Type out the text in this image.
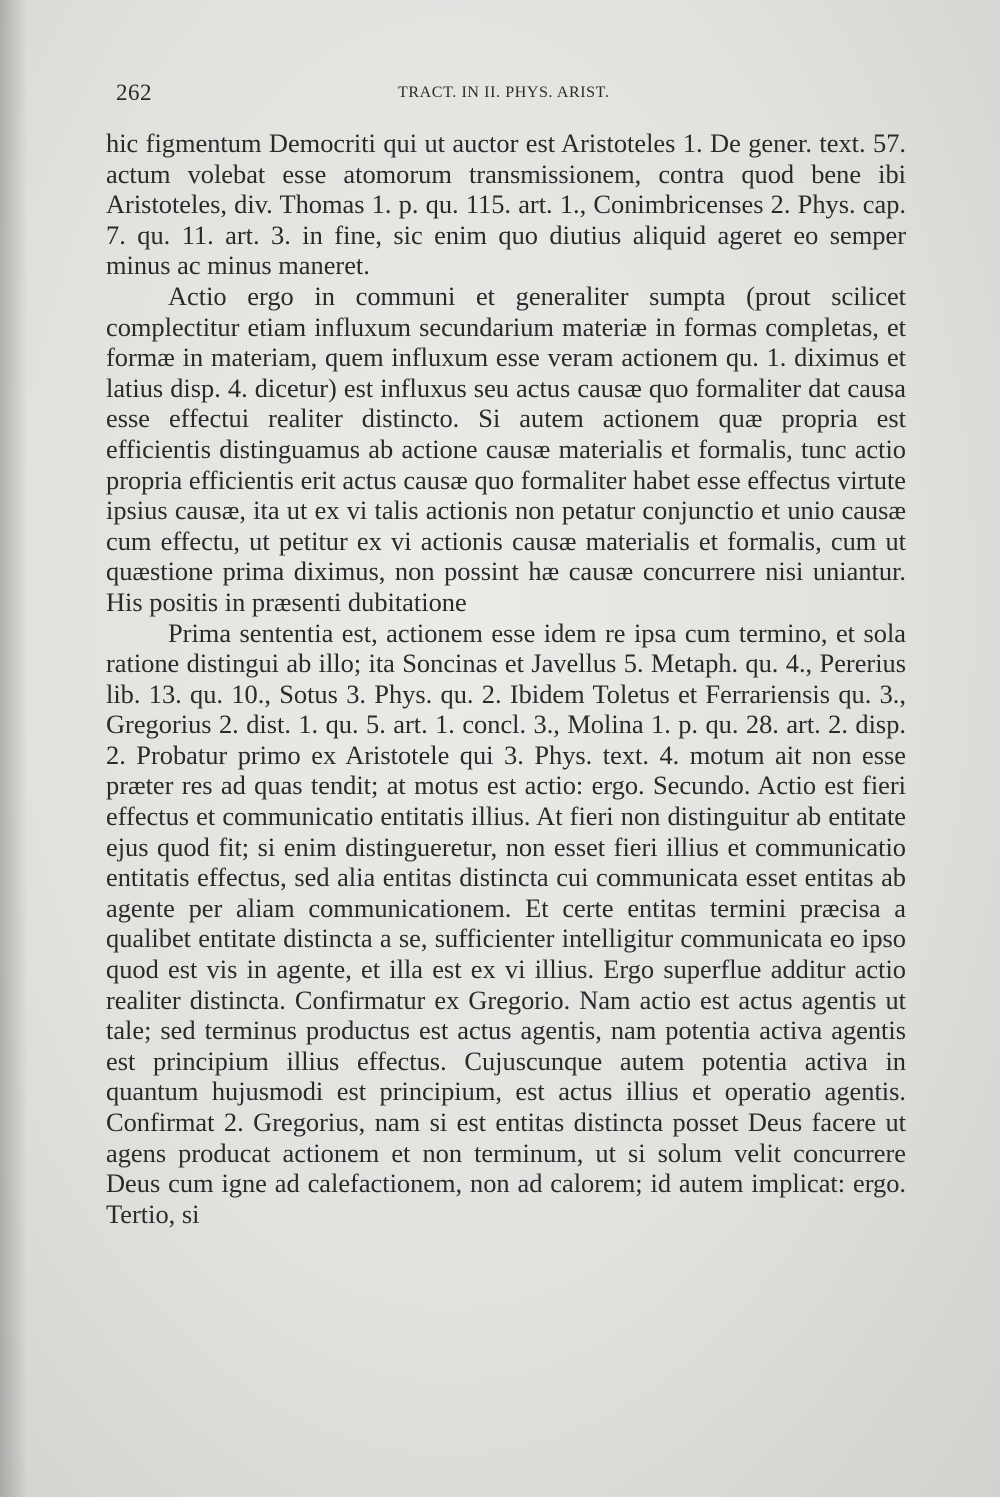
262	TRACT. IN II. PHYS. ARIST.

hic figmentum Democriti qui ut auctor est Aristoteles 1. De gener. text. 57. actum volebat esse atomorum transmissionem, contra quod bene ibi Aristoteles, div. Thomas 1. p. qu. 115. art. 1., Conimbricenses 2. Phys. cap. 7. qu. 11. art. 3. in fine, sic enim quo diutius aliquid ageret eo semper minus ac minus maneret.

Actio ergo in communi et generaliter sumpta (prout scilicet complectitur etiam influxum secundarium materiæ in formas completas, et formæ in materiam, quem influxum esse veram actionem qu. 1. diximus et latius disp. 4. dicetur) est influxus seu actus causæ quo formaliter dat causa esse effectui realiter distincto. Si autem actionem quæ propria est efficientis distinguamus ab actione causæ materialis et formalis, tunc actio propria efficientis erit actus causæ quo formaliter habet esse effectus virtute ipsius causæ, ita ut ex vi talis actionis non petatur conjunctio et unio causæ cum effectu, ut petitur ex vi actionis causæ materialis et formalis, cum ut quæstione prima diximus, non possint hæ causæ concurrere nisi uniantur. His positis in præsenti dubitatione

Prima sententia est, actionem esse idem re ipsa cum termino, et sola ratione distingui ab illo; ita Soncinas et Javellus 5. Metaph. qu. 4., Pererius lib. 13. qu. 10., Sotus 3. Phys. qu. 2. Ibidem Toletus et Ferrariensis qu. 3., Gregorius 2. dist. 1. qu. 5. art. 1. concl. 3., Molina 1. p. qu. 28. art. 2. disp. 2. Probatur primo ex Aristotele qui 3. Phys. text. 4. motum ait non esse præter res ad quas tendit; at motus est actio: ergo. Secundo. Actio est fieri effectus et communicatio entitatis illius. At fieri non distinguitur ab entitate ejus quod fit; si enim distingueretur, non esset fieri illius et communicatio entitatis effectus, sed alia entitas distincta cui communicata esset entitas ab agente per aliam communicationem. Et certe entitas termini præcisa a qualibet entitate distincta a se, sufficienter intelligitur communicata eo ipso quod est vis in agente, et illa est ex vi illius. Ergo superflue additur actio realiter distincta. Confirmatur ex Gregorio. Nam actio est actus agentis ut tale; sed terminus productus est actus agentis, nam potentia activa agentis est principium illius effectus. Cujuscunque autem potentia activa in quantum hujusmodi est principium, est actus illius et operatio agentis. Confirmat 2. Gregorius, nam si est entitas distincta posset Deus facere ut agens producat actionem et non terminum, ut si solum velit concurrere Deus cum igne ad calefactionem, non ad calorem; id autem implicat: ergo. Tertio, si
